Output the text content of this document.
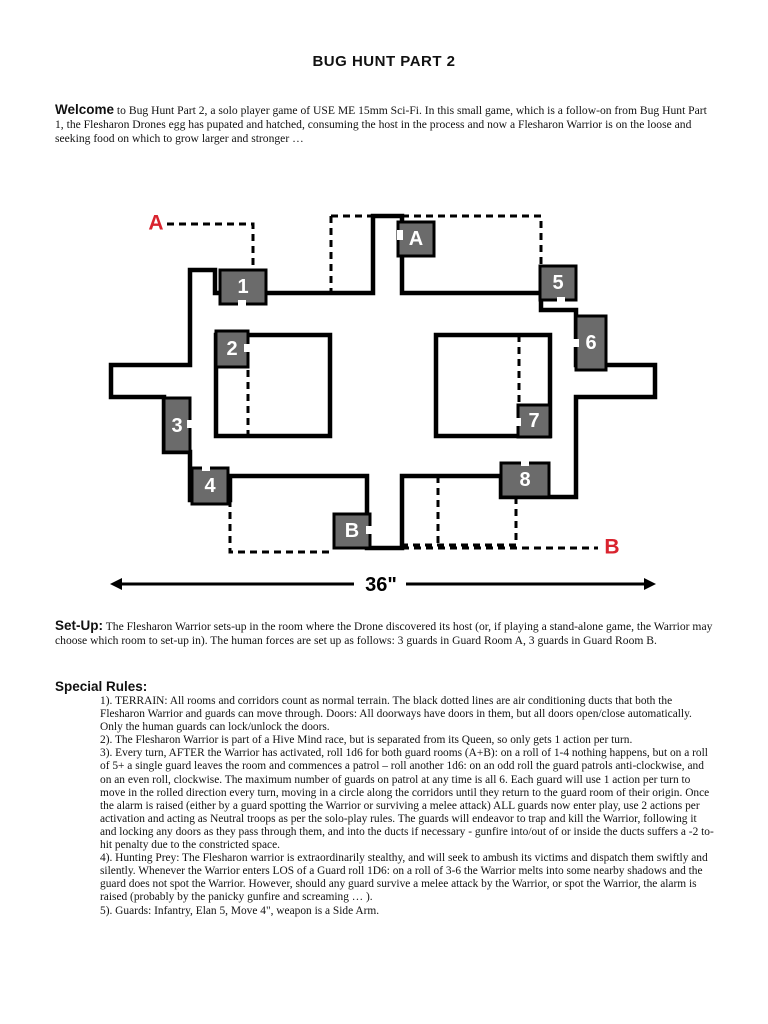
BUG HUNT PART 2
Welcome to Bug Hunt Part 2, a solo player game of USE ME 15mm Sci-Fi. In this small game, which is a follow-on from Bug Hunt Part 1, the Flesharon Drones egg has pupated and hatched, consuming the host in the process and now a Flesharon Warrior is on the loose and seeking food on which to grow larger and stronger …
A
1
2
3
4
5
6
7
8
B
A
B
36"
Set-Up: The Flesharon Warrior sets-up in the room where the Drone discovered its host (or, if playing a stand-alone game, the Warrior may choose which room to set-up in). The human forces are set up as follows: 3 guards in Guard Room A, 3 guards in Guard Room B.
Special Rules:

1). TERRAIN: All rooms and corridors count as normal terrain. The black dotted lines are air conditioning ducts that both the Flesharon Warrior and guards can move through. Doors: All doorways have doors in them, but all doors open/close automatically. Only the human guards can lock/unlock the doors.

2). The Flesharon Warrior is part of a Hive Mind race, but is separated from its Queen, so only gets 1 action per turn.

3). Every turn, AFTER the Warrior has activated, roll 1d6 for both guard rooms (A+B): on a roll of 1-4 nothing happens, but on a roll of 5+ a single guard leaves the room and commences a patrol – roll another 1d6: on an odd roll the guard patrols anti-clockwise, and on an even roll, clockwise. The maximum number of guards on patrol at any time is all 6. Each guard will use 1 action per turn to move in the rolled direction every turn, moving in a circle along the corridors until they return to the guard room of their origin. Once the alarm is raised (either by a guard spotting the Warrior or surviving a melee attack) ALL guards now enter play, use 2 actions per activation and acting as Neutral troops as per the solo-play rules. The guards will endeavor to trap and kill the Warrior, following it and locking any doors as they pass through them, and into the ducts if necessary - gunfire into/out of or inside the ducts suffers a -2 to-hit penalty due to the constricted space.

4). Hunting Prey: The Flesharon warrior is extraordinarily stealthy, and will seek to ambush its victims and dispatch them swiftly and silently. Whenever the Warrior enters LOS of a Guard roll 1D6: on a roll of 3-6 the Warrior melts into some nearby shadows and the guard does not spot the Warrior. However, should any guard survive a melee attack by the Warrior, or spot the Warrior, the alarm is raised (probably by the panicky gunfire and screaming … ).

5). Guards: Infantry, Elan 5, Move 4", weapon is a Side Arm.
